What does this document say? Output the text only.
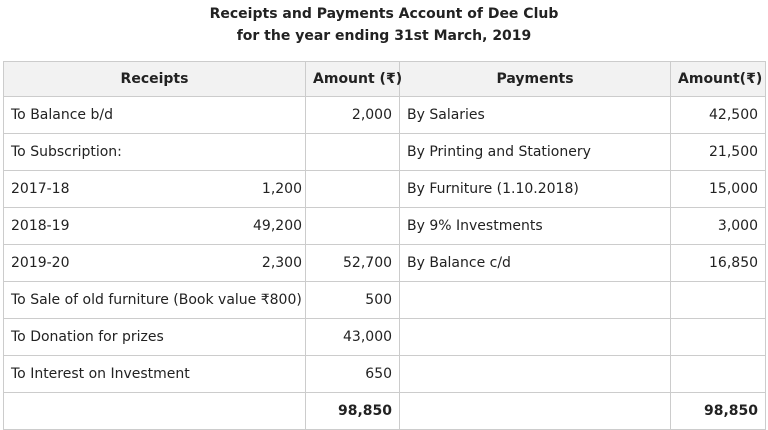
Receipts and Payments Account of Dee Club
for the year ending 31st March, 2019
Receipts		Amount (₹)	Payments	Amount(₹)
To Balance b/d		2,000	By Salaries	42,500
To Subscription:			By Printing and Stationery	21,500
2017-18	1,200		By Furniture (1.10.2018)	15,000
2018-19	49,200		By 9% Investments	3,000
2019-20	2,300	52,700	By Balance c/d	16,850
To Sale of old furniture (Book value ₹800)		500		
To Donation for prizes		43,000		
To Interest on Investment		650		
		98,850		98,850
